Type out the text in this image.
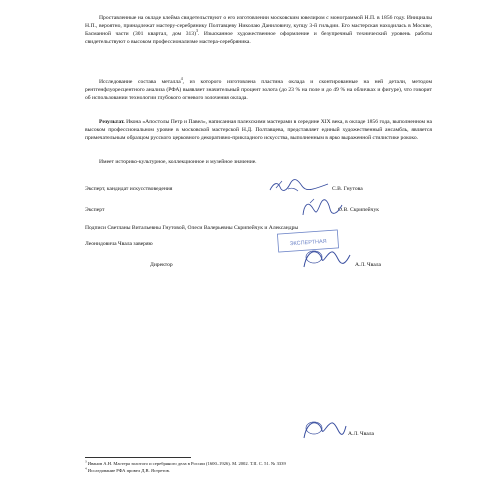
Проставленные на окладе клейма свидетельствуют о его изготовлении московским ювелиром с монограммой Н.П. в 1856 году. Инициалы Н.П., вероятно, принадлежат мастеру-серебрянику Полтавцеву Николаю Даниловичу, купцу 3-й гильдии. Его мастерская находилась в Москве, Басманной части (301 квартал, дом 313)$^3$. Изысканное художественное оформление и безупречный технический уровень работы свидетельствуют о высоком профессионализме мастера-серебряника.

Исследование состава металла$^4$, из которого изготовлена пластина оклада и сконтированные на ней детали, методом рентгенфлуоресцентного анализа (РФА) выявляет значительный процент золота (до 23 % на поле и до 49 % на обличках и фигуре), что говорит об использовании технологии глубокого огневого золочения оклада.

Результат. Икона «Апостолы Петр и Павел», написанная палехскими мастерами в середине XIX века, в окладе 1856 года, выполненном на высоком профессиональном уровне в московской мастерской Н.Д. Полтавцева, представляет единый художественный ансамбль, является примечательным образцом русского церковного декоративно-прикладного искусства, выполненным в ярко выраженной стилистике рококо.

Имеет историко-культурное, коллекционное и музейное значение.

Эксперт, кандидат искусствоведения	С.В. Гнутова
Эксперт	О.В. Скрипейчук
Подписи Светланы Витальевны Гнутовой, Олеси Валерьевны Скрипейчук и Александры
Леонидовича Чвала заверяю
Директор	А.Л. Чвала
ЭКСПЕРТНАЯ
А.Л. Чвала
$^3$ Иванов А.Н. Мастера золотого и серебряного дела в России (1600–1926). М. 2002. Т.II. С. 51. № 3339
$^4$ Исследование РФА провел Д.В. Ястретов.
